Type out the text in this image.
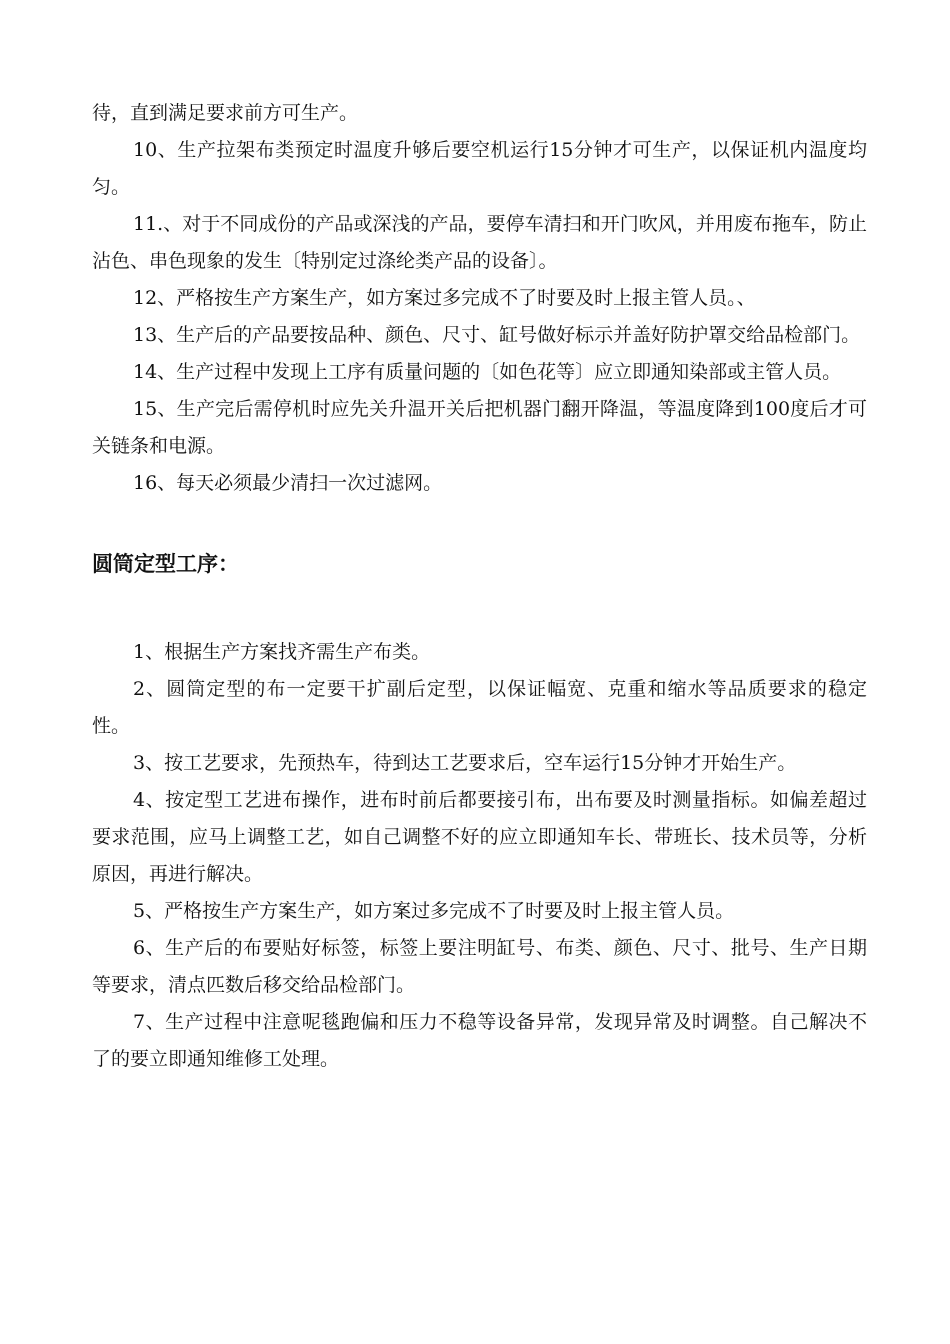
待，直到满足要求前方可生产。

10、生产拉架布类预定时温度升够后要空机运行15分钟才可生产，以保证机内温度均匀。

11.、对于不同成份的产品或深浅的产品，要停车清扫和开门吹风，并用废布拖车，防止沾色、串色现象的发生〔特别定过涤纶类产品的设备〕。

12、严格按生产方案生产，如方案过多完成不了时要及时上报主管人员。、

13、生产后的产品要按品种、颜色、尺寸、缸号做好标示并盖好防护罩交给品检部门。

14、生产过程中发现上工序有质量问题的〔如色花等〕应立即通知染部或主管人员。

15、生产完后需停机时应先关升温开关后把机器门翻开降温，等温度降到100度后才可关链条和电源。

16、每天必须最少清扫一次过滤网。

圆筒定型工序：

1、根据生产方案找齐需生产布类。

2、圆筒定型的布一定要干扩副后定型，以保证幅宽、克重和缩水等品质要求的稳定性。

3、按工艺要求，先预热车，待到达工艺要求后，空车运行15分钟才开始生产。

4、按定型工艺进布操作，进布时前后都要接引布，出布要及时测量指标。如偏差超过要求范围，应马上调整工艺，如自己调整不好的应立即通知车长、带班长、技术员等，分析原因，再进行解决。

5、严格按生产方案生产，如方案过多完成不了时要及时上报主管人员。

6、生产后的布要贴好标签，标签上要注明缸号、布类、颜色、尺寸、批号、生产日期等要求，清点匹数后移交给品检部门。

7、生产过程中注意呢毯跑偏和压力不稳等设备异常，发现异常及时调整。自己解决不了的要立即通知维修工处理。
